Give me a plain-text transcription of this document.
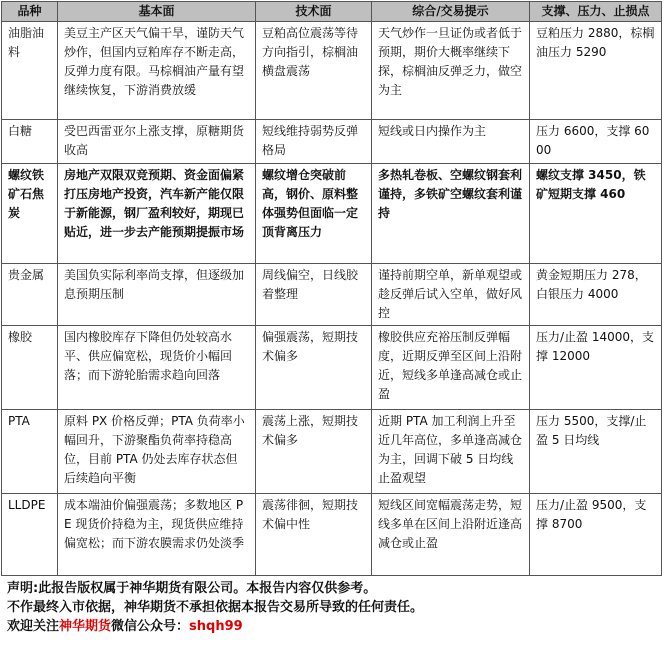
品种	基本面	技术面	综合/交易提示	支撑、压力、止损点
油脂油料	美豆主产区天气偏干旱，谨防天气炒作，但国内豆粕库存不断走高，反弹力度有限。马棕榈油产量有望继续恢复，下游消费放缓	豆粕高位震荡等待方向指引，棕榈油横盘震荡	天气炒作一旦证伪或者低于预期，期价大概率继续下探，棕榈油反弹乏力，做空为主	豆粕压力 2880，棕榈油压力 5290
白糖	受巴西雷亚尔上涨支撑，原糖期货收高	短线维持弱势反弹格局	短线或日内操作为主	压力 6600，支撑 6000
螺纹铁矿石焦炭	房地产双限双竞预期、资金面偏紧打压房地产投资，汽车新产能仅限于新能源，钢厂盈利较好，期现已贴近，进一步去产能预期提振市场	螺纹增仓突破前高，钢价、原料整体强势但面临一定顶背离压力	多热轧卷板、空螺纹钢套利谨持，多铁矿空螺纹套利谨持	螺纹支撑 3450，铁矿短期支撑 460
贵金属	美国负实际利率尚支撑，但逐级加息预期压制	周线偏空，日线胶着整理	谨持前期空单，新单观望或趁反弹后试入空单，做好风控	黄金短期压力 278，白银压力 4000
橡胶	国内橡胶库存下降但仍处较高水平、供应偏宽松，现货价小幅回落；而下游轮胎需求趋向回落	偏强震荡，短期技术偏多	橡胶供应充裕压制反弹幅度，近期反弹至区间上沿附近，短线多单逢高减仓或止盈	压力/止盈 14000，支撑 12000
PTA	原料 PX 价格反弹；PTA 负荷率小幅回升，下游聚酯负荷率持稳高位，目前 PTA 仍处去库存状态但后续趋向平衡	震荡上涨，短期技术偏多	近期 PTA 加工利润上升至近几年高位，多单逢高减仓为主，回调下破 5 日均线止盈观望	压力 5500，支撑/止盈 5 日均线
LLDPE	成本端油价偏强震荡；多数地区 PE 现货价持稳为主，现货供应维持偏宽松；而下游农膜需求仍处淡季	震荡徘徊，短期技术偏中性	短线区间宽幅震荡走势，短线多单在区间上沿附近逢高减仓或止盈	压力/止盈 9500，支撑 8700
声明:此报告版权属于神华期货有限公司。本报告内容仅供参考。
不作最终入市依据，神华期货不承担依据本报告交易所导致的任何责任。
欢迎关注神华期货微信公众号：shqh99
